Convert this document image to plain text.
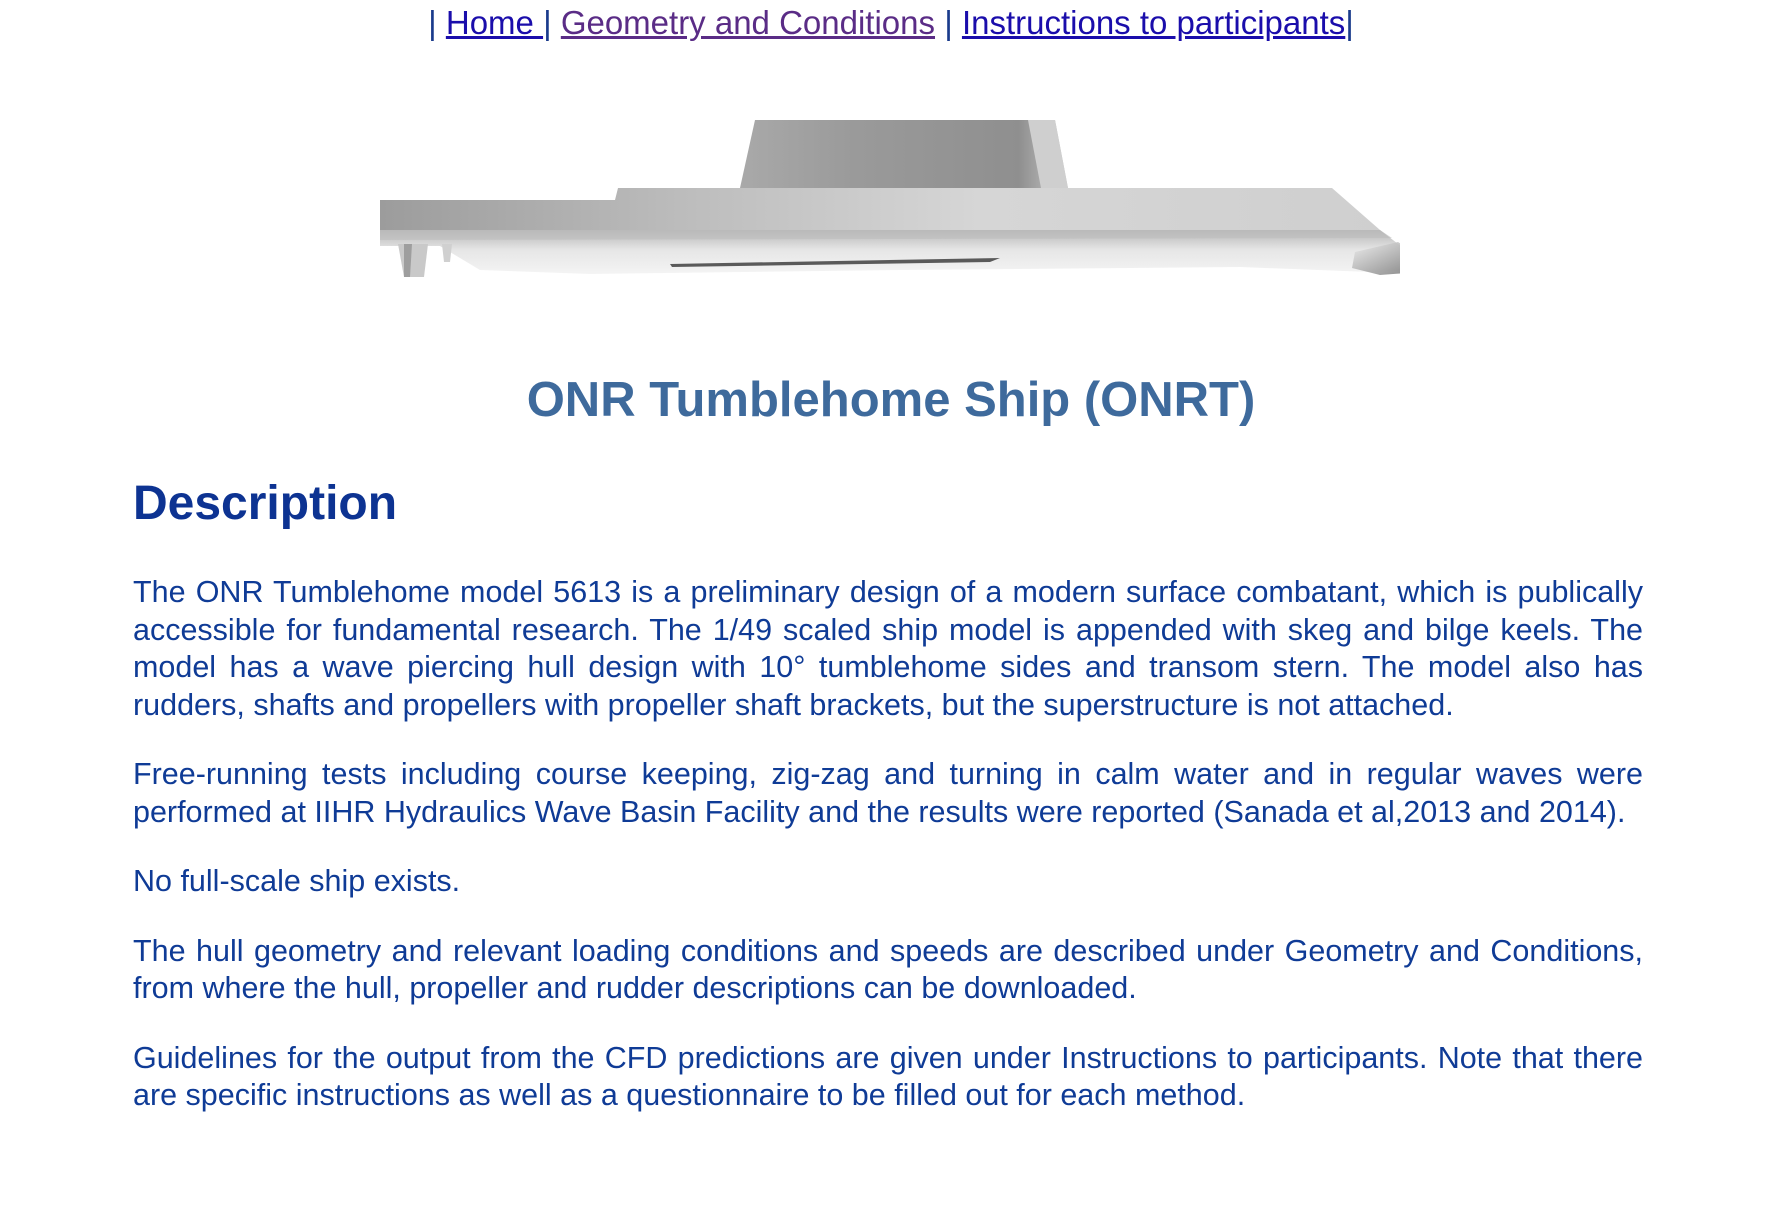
| Home | Geometry and Conditions | Instructions to participants|
ONR Tumblehome Ship (ONRT)
Description

The ONR Tumblehome model 5613 is a preliminary design of a modern surface combatant, which is publically accessible for fundamental research. The 1/49 scaled ship model is appended with skeg and bilge keels. The model has a wave piercing hull design with 10° tumblehome sides and transom stern. The model also has rudders, shafts and propellers with propeller shaft brackets, but the superstructure is not attached.

Free-running tests including course keeping, zig-zag and turning in calm water and in regular waves were performed at IIHR Hydraulics Wave Basin Facility and the results were reported (Sanada et al,2013 and 2014).

No full-scale ship exists.

The hull geometry and relevant loading conditions and speeds are described under Geometry and Conditions, from where the hull, propeller and rudder descriptions can be downloaded.

Guidelines for the output from the CFD predictions are given under Instructions to participants. Note that there are specific instructions as well as a questionnaire to be filled out for each method.
